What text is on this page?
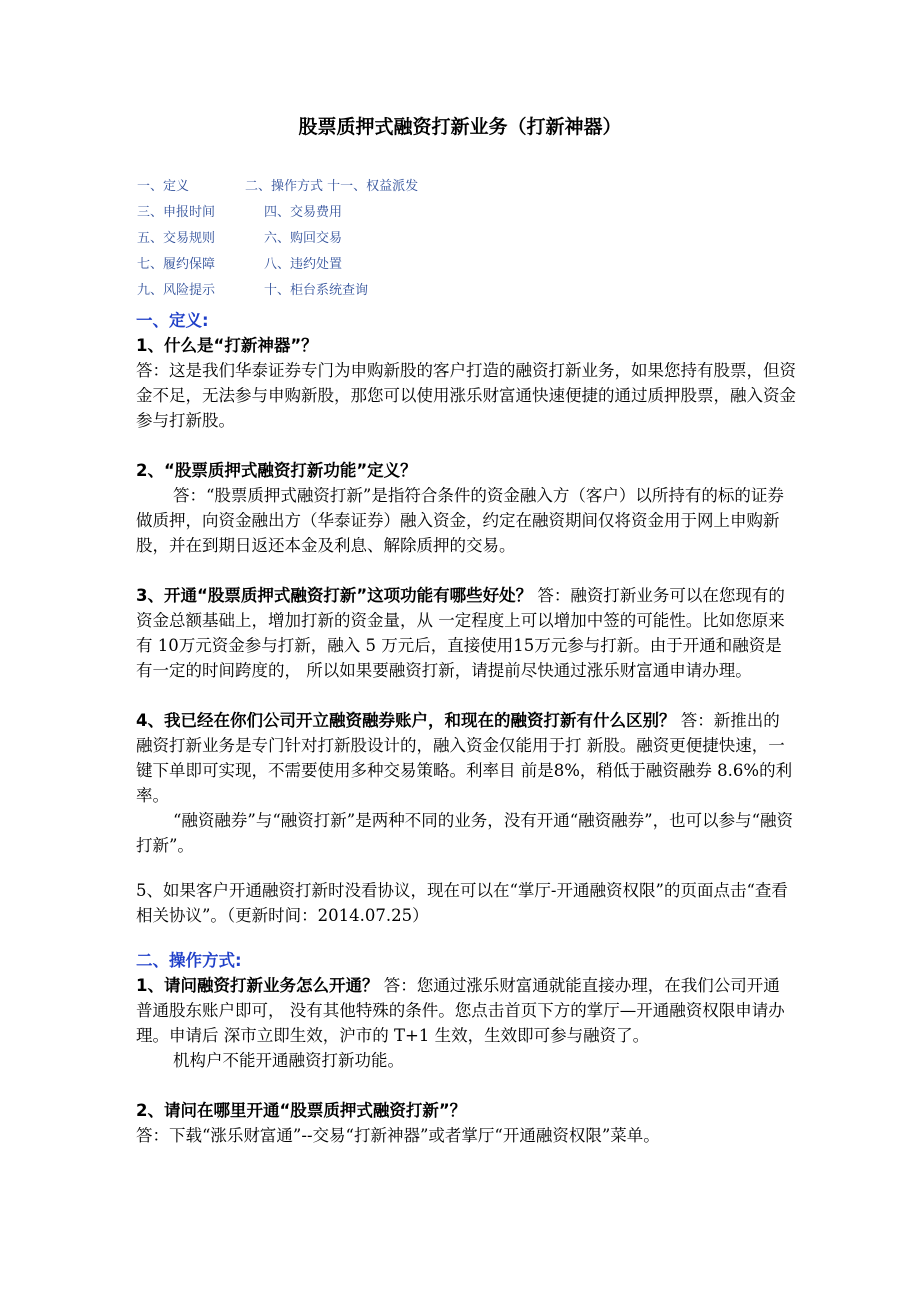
股票质押式融资打新业务（打新神器）
一、定义	二、操作方式 十一、权益派发
三、申报时间	四、交易费用
五、交易规则	六、购回交易
七、履约保障	八、违约处置
九、风险提示	十、柜台系统查询
一、定义:
1、什么是“打新神器”？

答：这是我们华泰证券专门为申购新股的客户打造的融资打新业务，如果您持有股票，但资金不足，无法参与申购新股，那您可以使用涨乐财富通快速便捷的通过质押股票，融入资金参与打新股。

2、“股票质押式融资打新功能”定义？

答：“股票质押式融资打新”是指符合条件的资金融入方（客户）以所持有的标的证券做质押，向资金融出方（华泰证券）融入资金，约定在融资期间仅将资金用于网上申购新股，并在到期日返还本金及利息、解除质押的交易。

3、开通“股票质押式融资打新”这项功能有哪些好处？ 答：融资打新业务可以在您现有的资金总额基础上，增加打新的资金量，从 一定程度上可以增加中签的可能性。比如您原来有 10万元资金参与打新，融入 5 万元后，直接使用15万元参与打新。由于开通和融资是有一定的时间跨度的， 所以如果要融资打新，请提前尽快通过涨乐财富通申请办理。

4、我已经在你们公司开立融资融券账户，和现在的融资打新有什么区别？ 答：新推出的融资打新业务是专门针对打新股设计的，融入资金仅能用于打 新股。融资更便捷快速，一键下单即可实现，不需要使用多种交易策略。利率目 前是8%，稍低于融资融券 8.6%的利率。

“融资融券”与“融资打新”是两种不同的业务，没有开通“融资融券”，也可以参与“融资打新”。

5、如果客户开通融资打新时没看协议，现在可以在“掌厅-开通融资权限”的页面点击“查看相关协议”。（更新时间：2014.07.25）

二、操作方式:

1、请问融资打新业务怎么开通？ 答：您通过涨乐财富通就能直接办理，在我们公司开通普通股东账户即可， 没有其他特殊的条件。您点击首页下方的掌厅—开通融资权限申请办理。申请后 深市立即生效，沪市的 T+1 生效，生效即可参与融资了。

机构户不能开通融资打新功能。

2、请问在哪里开通“股票质押式融资打新”？

答：下载“涨乐财富通”--交易“打新神器”或者掌厅“开通融资权限”菜单。
